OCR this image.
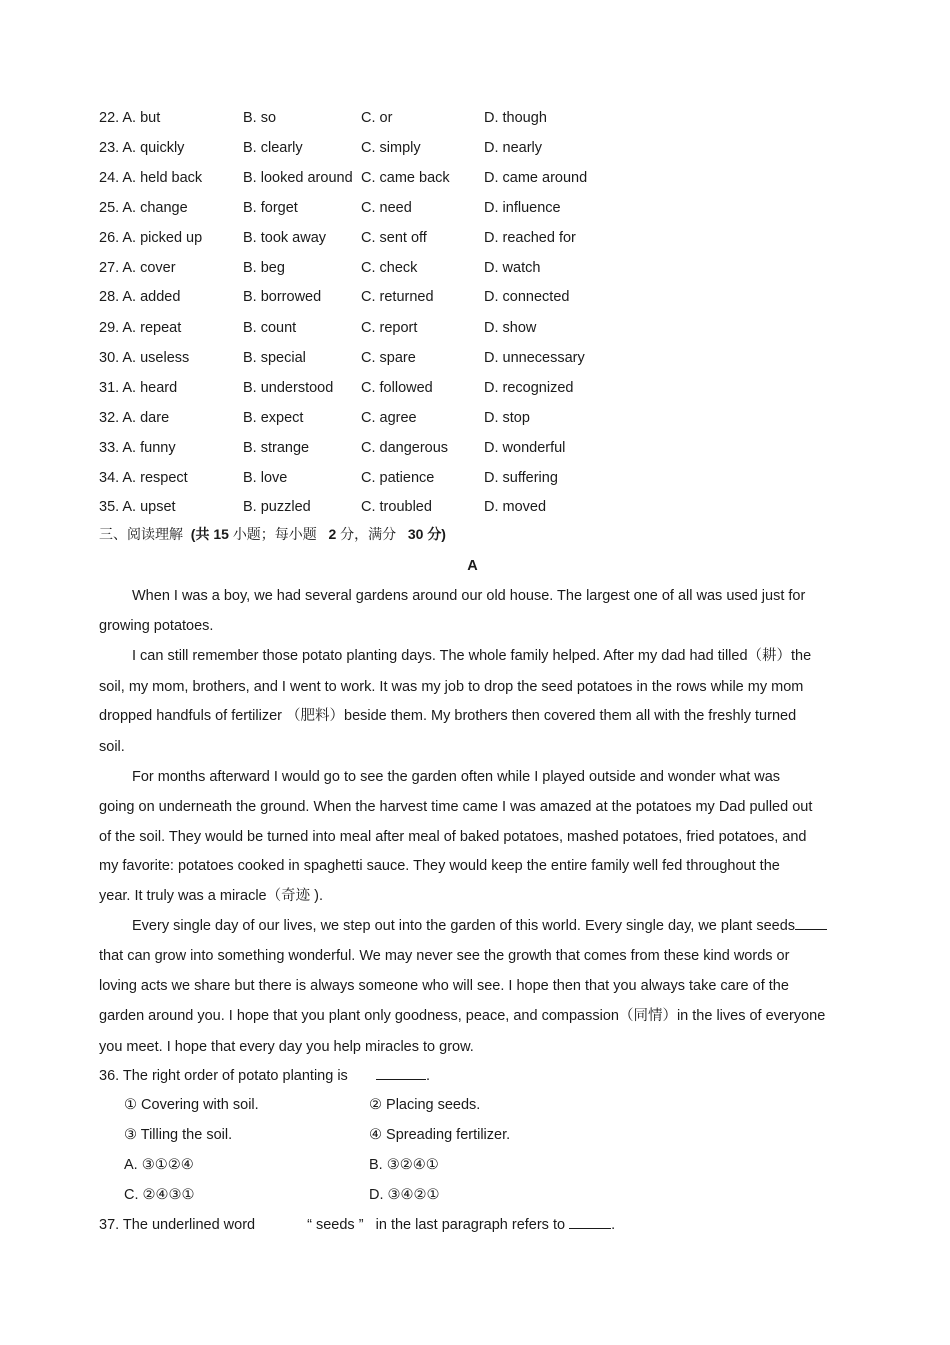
22. A. but	B. so	C. or	D. though
23. A. quickly	B. clearly	C. simply	D. nearly
24. A. held back	B. looked around C. came back D. came around
25. A. change	B. forget	C. need	D. influence
26. A. picked up	B. took away C. sent off	D. reached for
27. A. cover	B. beg	C. check	D. watch
28. A. added	B. borrowed	C. returned	D. connected
29. A. repeat	B. count	C. report	D. show
30. A. useless	B. special	C. spare	D. unnecessary
31. A. heard	B. understood C. followed	D. recognized
32. A. dare	B. expect	C. agree	D. stop
33. A. funny	B. strange	C. dangerous D. wonderful
34. A. respect	B. love	C. patience	D. suffering
35. A. upset	B. puzzled	C. troubled	D. moved
三、阅读理解 (共 15 小题；每小题 2 分，满分 30 分)
A
When I was a boy, we had several gardens around our old house. The largest one of all was used just for
growing potatoes.
I can still remember those potato planting days. The whole family helped. After my dad had tilled（耕）the
soil, my mom, brothers, and I went to work. It was my job to drop the seed potatoes in the rows while my mom
dropped handfuls of fertilizer （肥料）beside them. My brothers then covered them all with the freshly turned
soil.
For months afterward I would go to see the garden often while I played outside and wonder what was
going on underneath the ground. When the harvest time came I was amazed at the potatoes my Dad pulled out
of the soil. They would be turned into meal after meal of baked potatoes, mashed potatoes, fried potatoes, and
my favorite: potatoes cooked in spaghetti sauce. They would keep the entire family well fed throughout the
year. It truly was a miracle（奇迹 ).
Every single day of our lives, we step out into the garden of this world. Every single day, we plant seeds
that can grow into something wonderful. We may never see the growth that comes from these kind words or
loving acts we share but there is always someone who will see. I hope then that you always take care of the
garden around you. I hope that you plant only goodness, peace, and compassion（同情）in the lives of everyone
you meet. I hope that every day you help miracles to grow.
36. The right order of potato planting is	.
① Covering with soil.	② Placing seeds.
③ Tilling the soil.	④ Spreading fertilizer.
A. ③①②④	B. ③②④①
C. ②④③①	D. ③④②①
37. The underlined word	“ seeds ” in the last paragraph refers to	.
